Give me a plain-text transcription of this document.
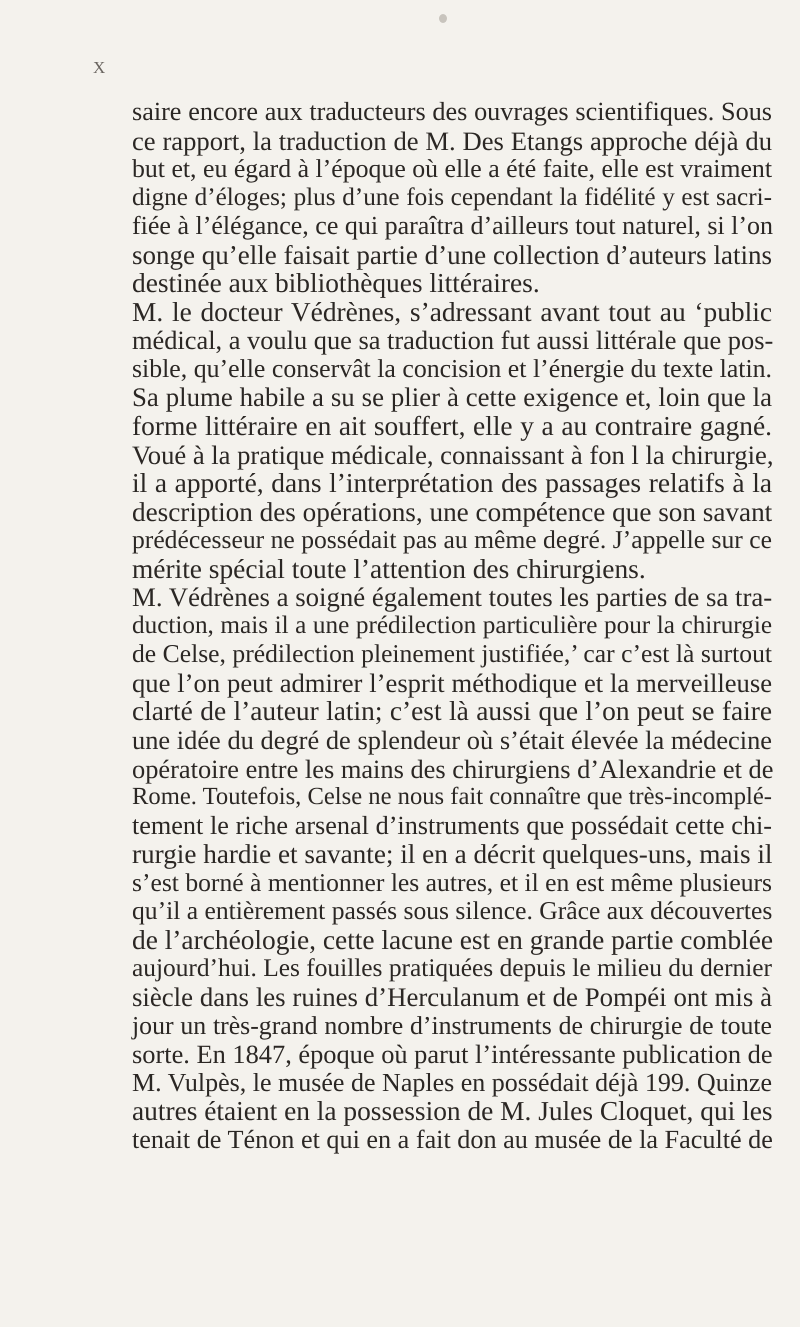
X
saire encore aux traducteurs des ouvrages scientifiques. Sous
ce rapport, la traduction de M. Des Etangs approche déjà du
but et, eu égard à l’époque où elle a été faite, elle est vraiment
digne d’éloges; plus d’une fois cependant la fidélité y est sacri-
fiée à l’élégance, ce qui paraîtra d’ailleurs tout naturel, si l’on
songe qu’elle faisait partie d’une collection d’auteurs latins
destinée aux bibliothèques littéraires.
M. le docteur Védrènes, s’adressant avant tout au ‘public
médical, a voulu que sa traduction fut aussi littérale que pos-
sible, qu’elle conservât la concision et l’énergie du texte latin.
Sa plume habile a su se plier à cette exigence et, loin que la
forme littéraire en ait souffert, elle y a au contraire gagné.
Voué à la pratique médicale, connaissant à fon l la chirurgie,
il a apporté, dans l’interprétation des passages relatifs à la
description des opérations, une compétence que son savant
prédécesseur ne possédait pas au même degré. J’appelle sur ce
mérite spécial toute l’attention des chirurgiens.
M. Védrènes a soigné également toutes les parties de sa tra-
duction, mais il a une prédilection particulière pour la chirurgie
de Celse, prédilection pleinement justifiée,’ car c’est là surtout
que l’on peut admirer l’esprit méthodique et la merveilleuse
clarté de l’auteur latin; c’est là aussi que l’on peut se faire
une idée du degré de splendeur où s’était élevée la médecine
opératoire entre les mains des chirurgiens d’Alexandrie et de
Rome. Toutefois, Celse ne nous fait connaître que très-incomplé-
tement le riche arsenal d’instruments que possédait cette chi-
rurgie hardie et savante; il en a décrit quelques-uns, mais il
s’est borné à mentionner les autres, et il en est même plusieurs
qu’il a entièrement passés sous silence. Grâce aux découvertes
de l’archéologie, cette lacune est en grande partie comblée
aujourd’hui. Les fouilles pratiquées depuis le milieu du dernier
siècle dans les ruines d’Herculanum et de Pompéi ont mis à
jour un très-grand nombre d’instruments de chirurgie de toute
sorte. En 1847, époque où parut l’intéressante publication de
M. Vulpès, le musée de Naples en possédait déjà 199. Quinze
autres étaient en la possession de M. Jules Cloquet, qui les
tenait de Ténon et qui en a fait don au musée de la Faculté de
